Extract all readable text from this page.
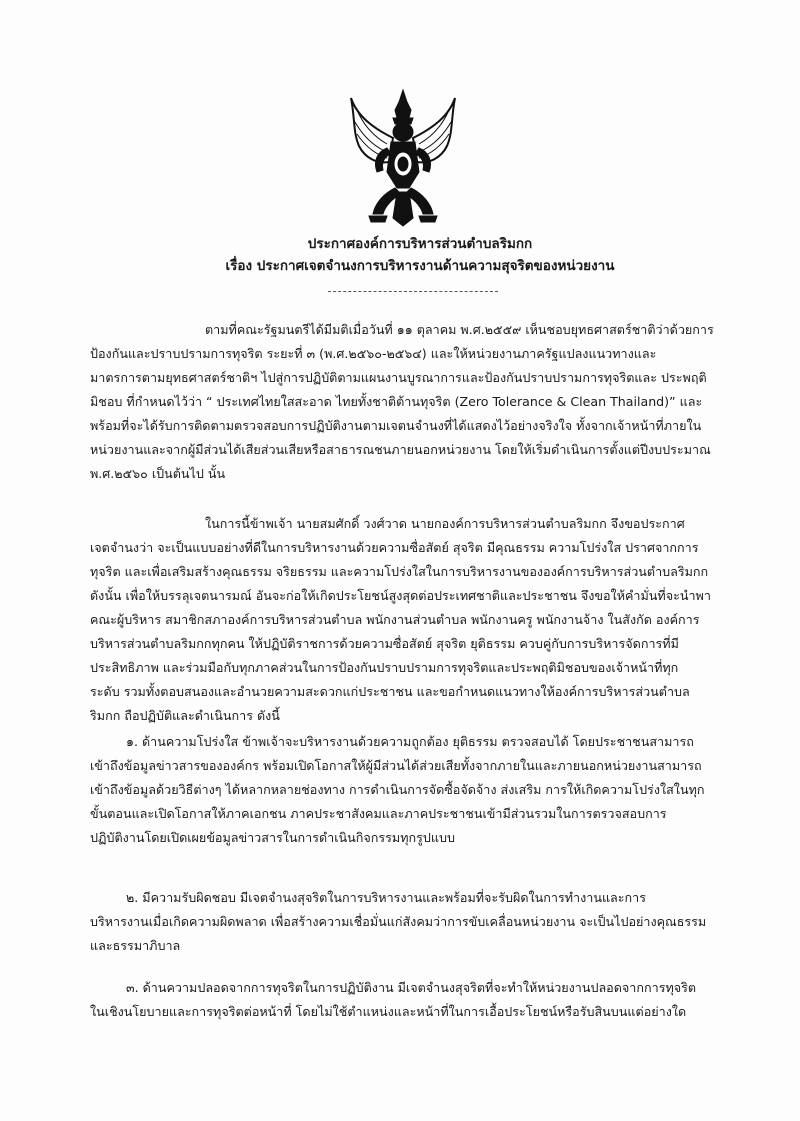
ประกาศองค์การบริหารส่วนตำบลริมกก
เรื่อง ประกาศเจตจำนงการบริหารงานด้านความสุจริตของหน่วยงาน
ตามที่คณะรัฐมนตรีได้มีมติเมื่อวันที่ ๑๑ ตุลาคม พ.ศ.๒๕๕๙ เห็นชอบยุทธศาสตร์ชาติว่าด้วยการ
ป้องกันและปราบปรามการทุจริต ระยะที่ ๓ (พ.ศ.๒๕๖๐-๒๕๖๔) และให้หน่วยงานภาครัฐแปลงแนวทางและ
มาตรการตามยุทธศาสตร์ชาติฯ ไปสู่การปฏิบัติตามแผนงานบูรณาการและป้องกันปราบปรามการทุจริตและ ประพฤติ
มิชอบ ที่กำหนดไว้ว่า “ ประเทศไทยใสสะอาด ไทยทั้งชาติต้านทุจริต (Zero Tolerance & Clean Thailand)” และ
พร้อมที่จะได้รับการติดตามตรวจสอบการปฏิบัติงานตามเจตนจำนงที่ได้แสดงไว้อย่างจริงใจ ทั้งจากเจ้าหน้าที่ภายใน
หน่วยงานและจากผู้มีส่วนได้เสียส่วนเสียหรือสาธารณชนภายนอกหน่วยงาน โดยให้เริ่มดำเนินการตั้งแต่ปีงบประมาณ
พ.ศ.๒๕๖๐ เป็นต้นไป นั้น
ในการนี้ข้าพเจ้า นายสมศักดิ์ วงศ์วาด นายกองค์การบริหารส่วนตำบลริมกก จึงขอประกาศ
เจตจำนงว่า จะเป็นแบบอย่างที่ดีในการบริหารงานด้วยความซื่อสัตย์ สุจริต มีคุณธรรม ความโปร่งใส ปราศจากการ
ทุจริต และเพื่อเสริมสร้างคุณธรรม จริยธรรม และความโปร่งใสในการบริหารงานขององค์การบริหารส่วนตำบลริมกก
ดังนั้น เพื่อให้บรรลุเจตนารมณ์ อันจะก่อให้เกิดประโยชน์สูงสุดต่อประเทศชาติและประชาชน จึงขอให้คำมั่นที่จะนำพา
คณะผู้บริหาร สมาชิกสภาองค์การบริหารส่วนตำบล พนักงานส่วนตำบล พนักงานครู พนักงานจ้าง ในสังกัด องค์การ
บริหารส่วนตำบลริมกกทุกคน ให้ปฏิบัติราชการด้วยความซื่อสัตย์ สุจริต ยุติธรรม ควบคู่กับการบริหารจัดการที่มี
ประสิทธิภาพ และร่วมมือกับทุกภาคส่วนในการป้องกันปราบปรามการทุจริตและประพฤติมิชอบของเจ้าหน้าที่ทุก
ระดับ รวมทั้งตอบสนองและอำนวยความสะดวกแก่ประชาชน และขอกำหนดแนวทางให้องค์การบริหารส่วนตำบล
ริมกก ถือปฏิบัติและดำเนินการ ดังนี้
๑. ด้านความโปร่งใส ข้าพเจ้าจะบริหารงานด้วยความถูกต้อง ยุติธรรม ตรวจสอบได้ โดยประชาชนสามารถ
เข้าถึงข้อมูลข่าวสารขององค์กร พร้อมเปิดโอกาสให้ผู้มีส่วนได้ส่วยเสียทั้งจากภายในและภายนอกหน่วยงานสามารถ
เข้าถึงข้อมูลด้วยวิธีต่างๆ ได้หลากหลายช่องทาง การดำเนินการจัดซื้อจัดจ้าง ส่งเสริม การให้เกิดความโปร่งใสในทุก
ขั้นตอนและเปิดโอกาสให้ภาคเอกชน ภาคประชาสังคมและภาคประชาชนเข้ามีส่วนรวมในการตรวจสอบการ
ปฏิบัติงานโดยเปิดเผยข้อมูลข่าวสารในการดำเนินกิจกรรมทุกรูปแบบ
๒. มีความรับผิดชอบ มีเจตจำนงสุจริตในการบริหารงานและพร้อมที่จะรับผิดในการทำงานและการ
บริหารงานเมื่อเกิดความผิดพลาด เพื่อสร้างความเชื่อมั่นแก่สังคมว่าการขับเคลื่อนหน่วยงาน จะเป็นไปอย่างคุณธรรม
และธรรมาภิบาล
๓. ด้านความปลอดจากการทุจริตในการปฏิบัติงาน มีเจตจำนงสุจริตที่จะทำให้หน่วยงานปลอดจากการทุจริต
ในเชิงนโยบายและการทุจริตต่อหน้าที่ โดยไม่ใช้ตำแหน่งและหน้าที่ในการเอื้อประโยชน์หรือรับสินบนแต่อย่างใด
